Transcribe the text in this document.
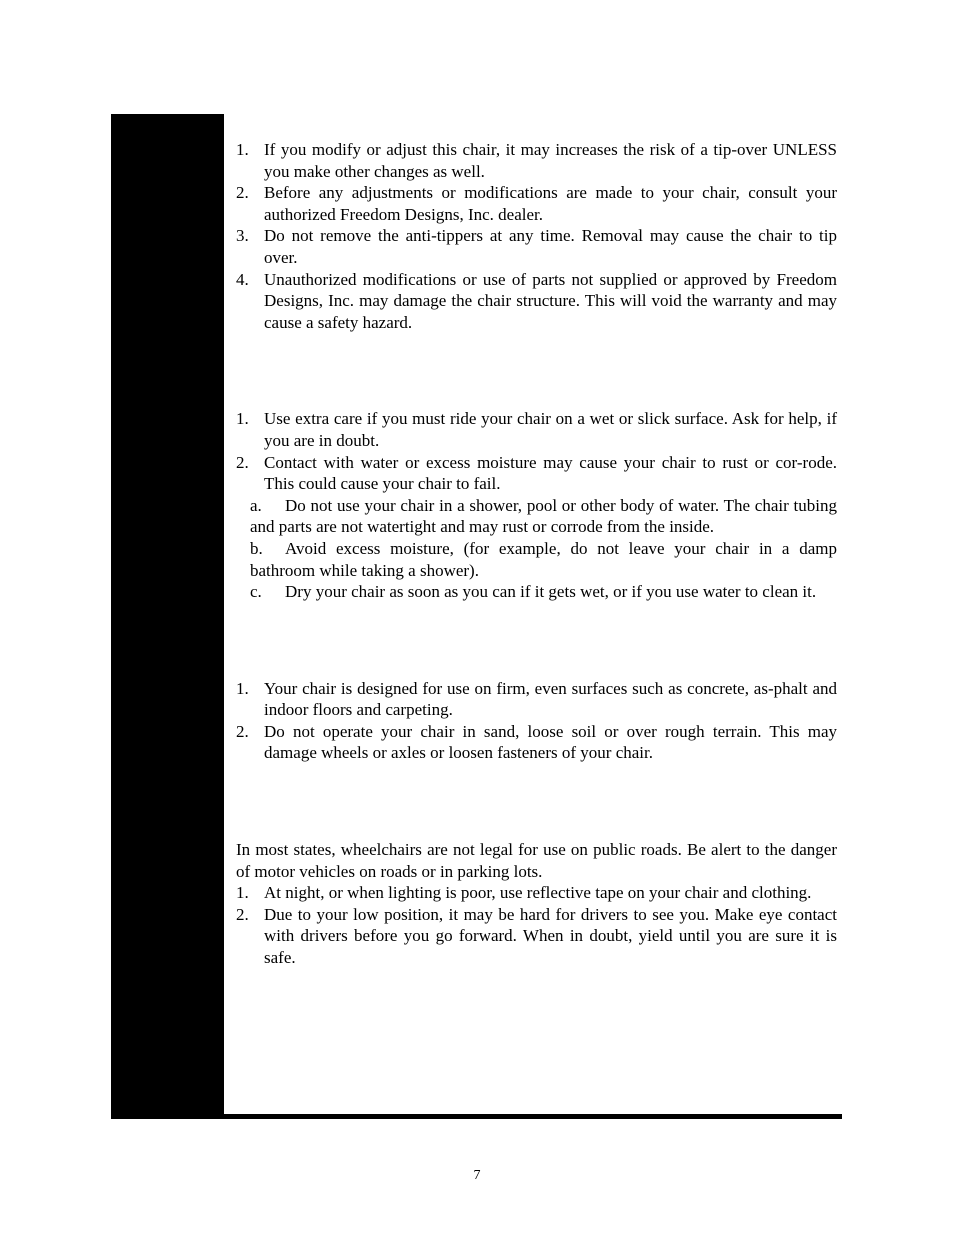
1. If you modify or adjust this chair, it may increases the risk of a tip-over UNLESS you make other changes as well.
2. Before any adjustments or modifications are made to your chair, consult your authorized Freedom Designs, Inc. dealer.
3. Do not remove the anti-tippers at any time. Removal may cause the chair to tip over.
4. Unauthorized modifications or use of parts not supplied or approved by Freedom Designs, Inc. may damage the chair structure. This will void the warranty and may cause a safety hazard.
1. Use extra care if you must ride your chair on a wet or slick surface. Ask for help, if you are in doubt.
2. Contact with water or excess moisture may cause your chair to rust or cor-rode. This could cause your chair to fail.
a. Do not use your chair in a shower, pool or other body of water. The chair tubing and parts are not watertight and may rust or corrode from the inside.
b. Avoid excess moisture, (for example, do not leave your chair in a damp bathroom while taking a shower).
c. Dry your chair as soon as you can if it gets wet, or if you use water to clean it.
1. Your chair is designed for use on firm, even surfaces such as concrete, as-phalt and indoor floors and carpeting.
2. Do not operate your chair in sand, loose soil or over rough terrain. This may damage wheels or axles or loosen fasteners of your chair.

In most states, wheelchairs are not legal for use on public roads. Be alert to the danger of motor vehicles on roads or in parking lots.

1. At night, or when lighting is poor, use reflective tape on your chair and clothing.
2. Due to your low position, it may be hard for drivers to see you. Make eye contact with drivers before you go forward. When in doubt, yield until you are sure it is safe.
7
